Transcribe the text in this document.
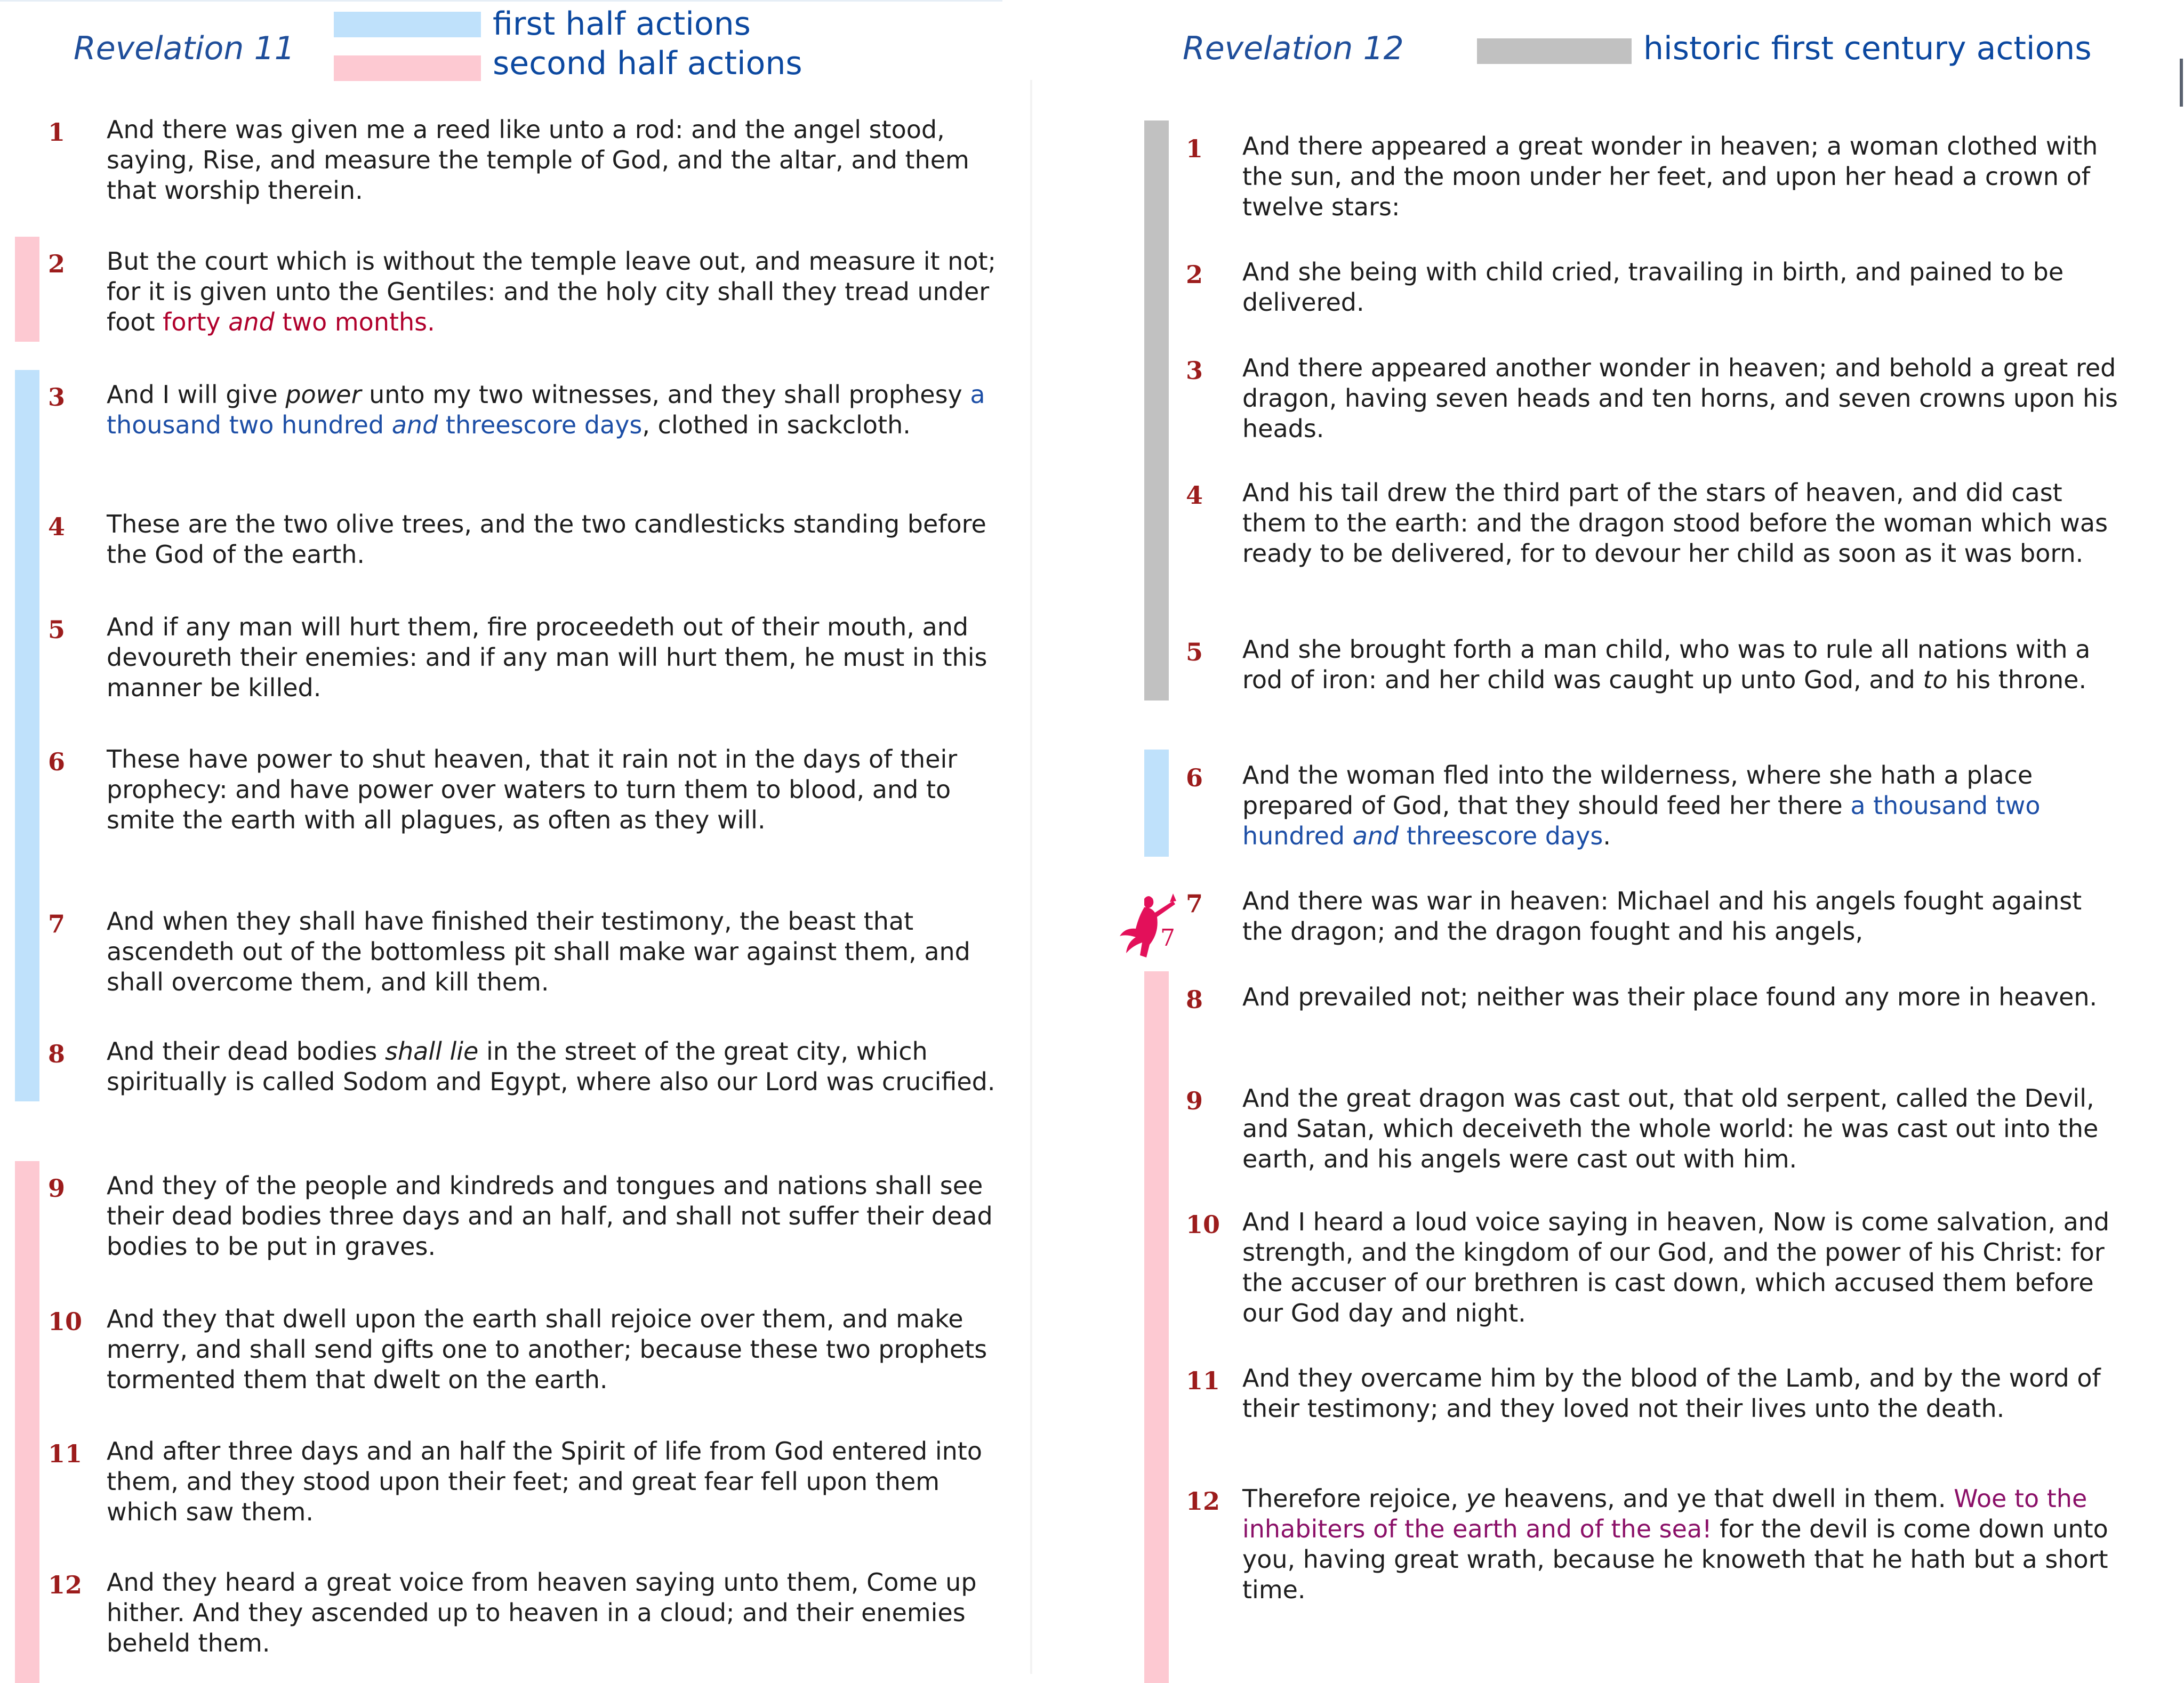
Revelation 11
first half actions
second half actions	Revelation 12	historic first century actions
1 And there was given me a reed like unto a rod: and the angel stood, saying, Rise, and measure the temple of God, and the altar, and them that worship therein.
2 But the court which is without the temple leave out, and measure it not; for it is given unto the Gentiles: and the holy city shall they tread under foot forty and two months.
3 And I will give power unto my two witnesses, and they shall prophesy a thousand two hundred and threescore days, clothed in sackcloth.
4 These are the two olive trees, and the two candlesticks standing before the God of the earth.
5 And if any man will hurt them, fire proceedeth out of their mouth, and devoureth their enemies: and if any man will hurt them, he must in this manner be killed.
6 These have power to shut heaven, that it rain not in the days of their prophecy: and have power over waters to turn them to blood, and to smite the earth with all plagues, as often as they will.
7 And when they shall have finished their testimony, the beast that ascendeth out of the bottomless pit shall make war against them, and shall overcome them, and kill them.
8 And their dead bodies shall lie in the street of the great city, which spiritually is called Sodom and Egypt, where also our Lord was crucified.
9 And they of the people and kindreds and tongues and nations shall see their dead bodies three days and an half, and shall not suffer their dead bodies to be put in graves.
10 And they that dwell upon the earth shall rejoice over them, and make merry, and shall send gifts one to another; because these two prophets tormented them that dwelt on the earth.
11 And after three days and an half the Spirit of life from God entered into them, and they stood upon their feet; and great fear fell upon them which saw them.
12 And they heard a great voice from heaven saying unto them, Come up hither. And they ascended up to heaven in a cloud; and their enemies beheld them.
1 And there appeared a great wonder in heaven; a woman clothed with the sun, and the moon under her feet, and upon her head a crown of twelve stars:
2 And she being with child cried, travailing in birth, and pained to be delivered.
3 And there appeared another wonder in heaven; and behold a great red dragon, having seven heads and ten horns, and seven crowns upon his heads.
4 And his tail drew the third part of the stars of heaven, and did cast them to the earth: and the dragon stood before the woman which was ready to be delivered, for to devour her child as soon as it was born.
5 And she brought forth a man child, who was to rule all nations with a rod of iron: and her child was caught up unto God, and to his throne.
6 And the woman fled into the wilderness, where she hath a place prepared of God, that they should feed her there a thousand two hundred and threescore days.
7 And there was war in heaven: Michael and his angels fought against the dragon; and the dragon fought and his angels,
8 And prevailed not; neither was their place found any more in heaven.
9 And the great dragon was cast out, that old serpent, called the Devil, and Satan, which deceiveth the whole world: he was cast out into the earth, and his angels were cast out with him.
10 And I heard a loud voice saying in heaven, Now is come salvation, and strength, and the kingdom of our God, and the power of his Christ: for the accuser of our brethren is cast down, which accused them before our God day and night.
11 And they overcame him by the blood of the Lamb, and by the word of their testimony; and they loved not their lives unto the death.
12 Therefore rejoice, ye heavens, and ye that dwell in them. Woe to the inhabiters of the earth and of the sea! for the devil is come down unto you, having great wrath, because he knoweth that he hath but a short time.
7
